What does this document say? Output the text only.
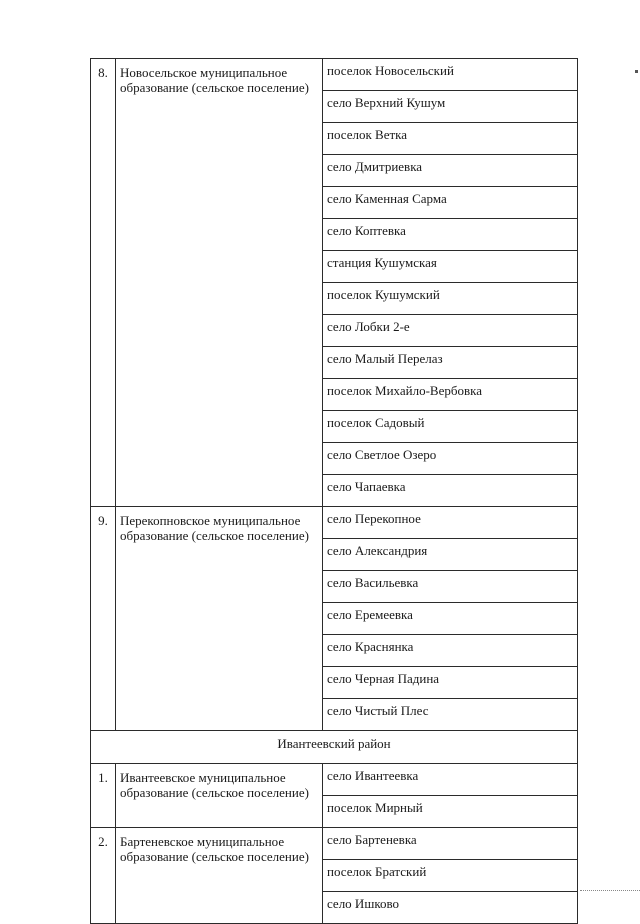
8.	Новосельское муниципальное образование (сельское поселение)	поселок Новосельский
		село Верхний Кушум
		поселок Ветка
		село Дмитриевка
		село Каменная Сарма
		село Коптевка
		станция Кушумская
		поселок Кушумский
		село Лобки 2-е
		село Малый Перелаз
		поселок Михайло-Вербовка
		поселок Садовый
		село Светлое Озеро
		село Чапаевка
9.	Перекопновское муниципальное образование (сельское поселение)	село Перекопное
		село Александрия
		село Васильевка
		село Еремеевка
		село Краснянка
		село Черная Падина
		село Чистый Плес
Ивантеевский район		
1.	Ивантеевское муниципальное образование (сельское поселение)	село Ивантеевка
		поселок Мирный
2.	Бартеневское муниципальное образование (сельское поселение)	село Бартеневка
		поселок Братский
		село Ишково
